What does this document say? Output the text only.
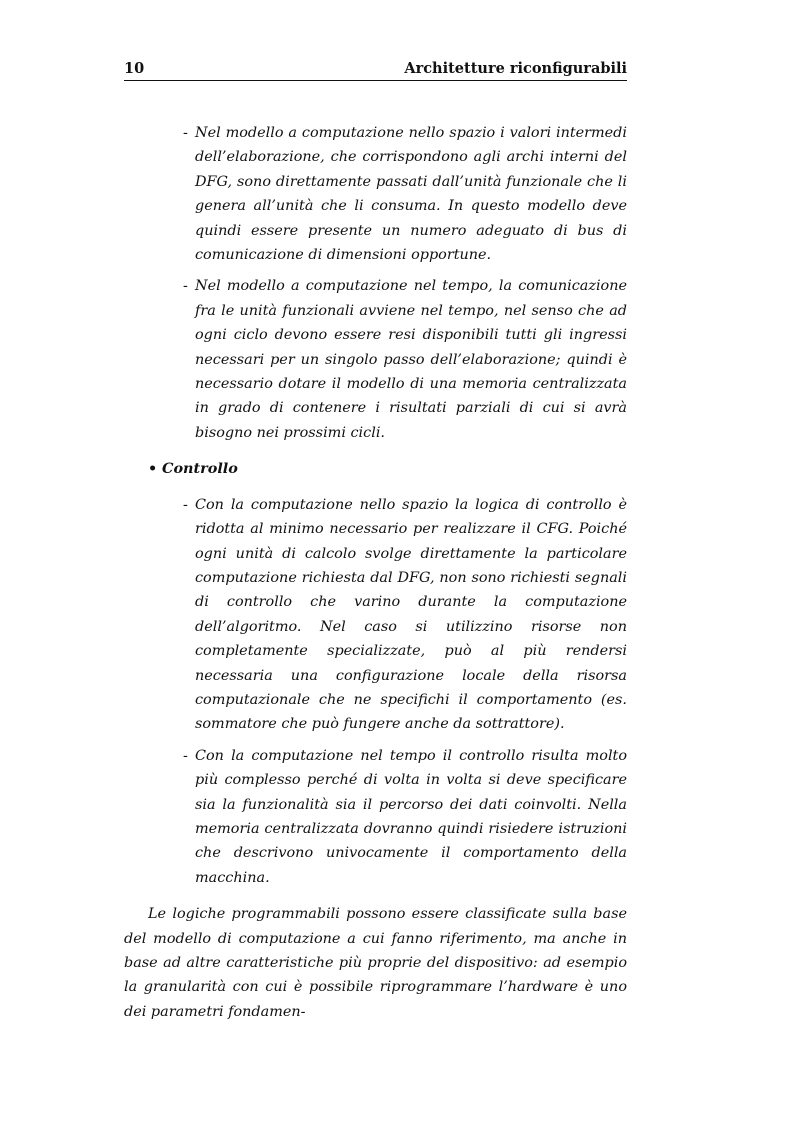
10	Architetture riconfigurabili
- Nel modello a computazione nello spazio i valori intermedi dell’elaborazione, che corrispondono agli archi interni del DFG, sono direttamente passati dall’unità funzionale che li genera all’unità che li consuma. In questo modello deve quindi essere presente un numero adeguato di bus di comunicazione di dimensioni opportune.
- Nel modello a computazione nel tempo, la comunicazione fra le unità funzionali avviene nel tempo, nel senso che ad ogni ciclo devono essere resi disponibili tutti gli ingressi necessari per un singolo passo dell’elaborazione; quindi è necessario dotare il modello di una memoria centralizzata in grado di contenere i risultati parziali di cui si avrà bisogno nei prossimi cicli.
• Controllo
- Con la computazione nello spazio la logica di controllo è ridotta al minimo necessario per realizzare il CFG. Poiché ogni unità di calcolo svolge direttamente la particolare computazione richiesta dal DFG, non sono richiesti segnali di controllo che varino durante la computazione dell’algoritmo. Nel caso si utilizzino risorse non completamente specializzate, può al più rendersi necessaria una configurazione locale della risorsa computazionale che ne specifichi il comportamento (es. sommatore che può fungere anche da sottrattore).
- Con la computazione nel tempo il controllo risulta molto più complesso perché di volta in volta si deve specificare sia la funzionalità sia il percorso dei dati coinvolti. Nella memoria centralizzata dovranno quindi risiedere istruzioni che descrivono univocamente il comportamento della macchina.

Le logiche programmabili possono essere classificate sulla base del modello di computazione a cui fanno riferimento, ma anche in base ad altre caratteristiche più proprie del dispositivo: ad esempio la granularità con cui è possibile riprogrammare l’hardware è uno dei parametri fondamen-
